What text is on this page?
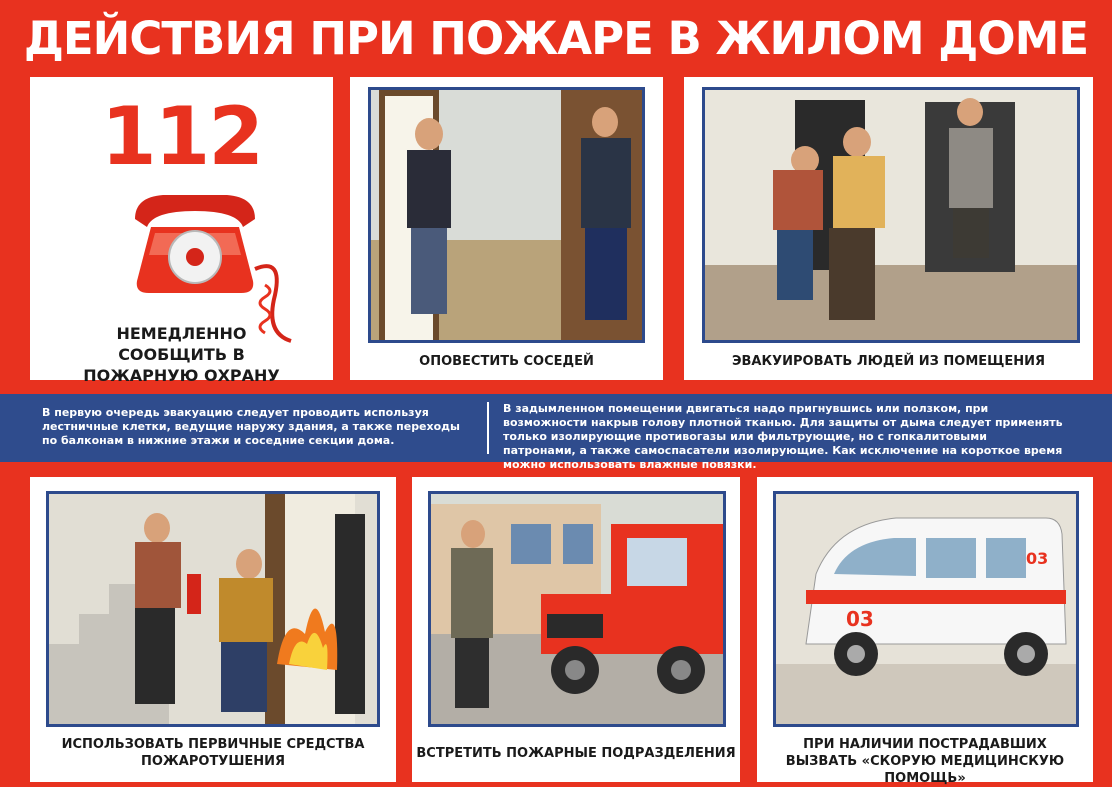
ДЕЙСТВИЯ ПРИ ПОЖАРЕ В ЖИЛОМ ДОМЕ
112
НЕМЕДЛЕННО СООБЩИТЬ В ПОЖАРНУЮ ОХРАНУ
ОПОВЕСТИТЬ СОСЕДЕЙ	ЭВАКУИРОВАТЬ ЛЮДЕЙ ИЗ ПОМЕЩЕНИЯ
В первую очередь эвакуацию следует проводить используя лестничные клетки, ведущие наружу здания, а также переходы по балконам в нижние этажи и соседние секции дома.
В задымленном помещении двигаться надо пригнувшись или ползком, при возможности накрыв голову плотной тканью. Для защиты от дыма следует применять только изолирующие противогазы или фильтрующие, но с гопкалитовыми патронами, а также самоспасатели изолирующие. Как исключение на короткое время можно использовать влажные повязки.
ИСПОЛЬЗОВАТЬ ПЕРВИЧНЫЕ СРЕДСТВА ПОЖАРОТУШЕНИЯ
ВСТРЕТИТЬ ПОЖАРНЫЕ ПОДРАЗДЕЛЕНИЯ
03
03
ПРИ НАЛИЧИИ ПОСТРАДАВШИХ ВЫЗВАТЬ «СКОРУЮ МЕДИЦИНСКУЮ ПОМОЩЬ»
